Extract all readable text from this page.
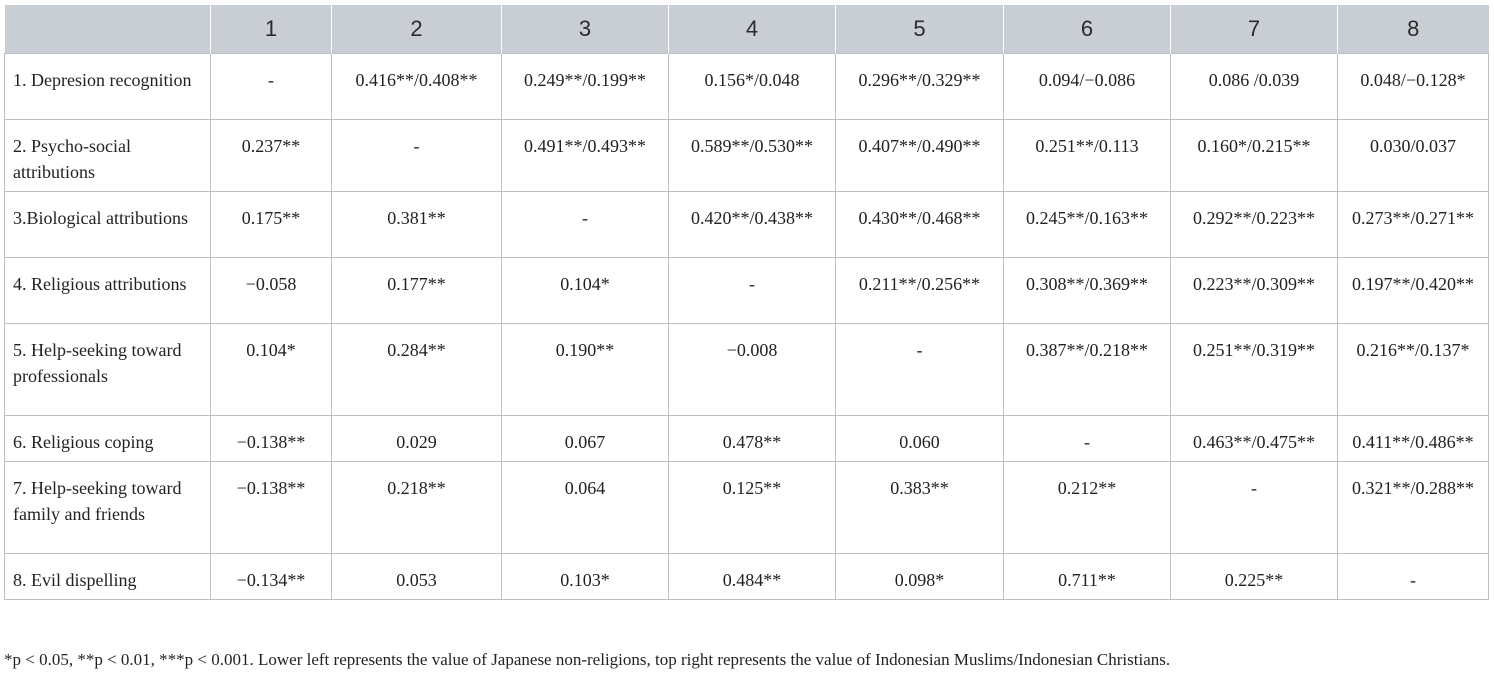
	1	2	3	4	5	6	7	8
1. Depresion recognition	-	0.416**/0.408**	0.249**/0.199**	0.156*/0.048	0.296**/0.329**	0.094/−0.086	0.086 /0.039	0.048/−0.128*
2. Psycho-social attributions	0.237**	-	0.491**/0.493**	0.589**/0.530**	0.407**/0.490**	0.251**/0.113	0.160*/0.215**	0.030/0.037
3.Biological attributions	0.175**	0.381**	-	0.420**/0.438**	0.430**/0.468**	0.245**/0.163**	0.292**/0.223**	0.273**/0.271**
4. Religious attributions	−0.058	0.177**	0.104*	-	0.211**/0.256**	0.308**/0.369**	0.223**/0.309**	0.197**/0.420**
5. Help-seeking toward professionals	0.104*	0.284**	0.190**	−0.008	-	0.387**/0.218**	0.251**/0.319**	0.216**/0.137*
6. Religious coping	−0.138**	0.029	0.067	0.478**	0.060	-	0.463**/0.475**	0.411**/0.486**
7. Help-seeking toward family and friends	−0.138**	0.218**	0.064	0.125**	0.383**	0.212**	-	0.321**/0.288**
8. Evil dispelling	−0.134**	0.053	0.103*	0.484**	0.098*	0.711**	0.225**	-
*p < 0.05, **p < 0.01, ***p < 0.001. Lower left represents the value of Japanese non-religions, top right represents the value of Indonesian Muslims/Indonesian Christians.
